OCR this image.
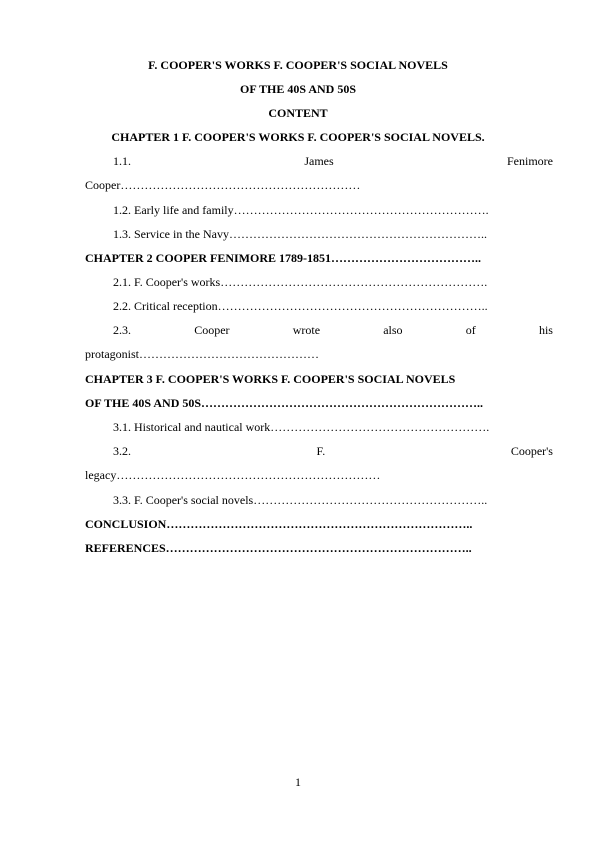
F. COOPER'S WORKS F. COOPER'S SOCIAL NOVELS
OF THE 40S AND 50S
CONTENT
CHAPTER 1 F. COOPER'S WORKS F. COOPER'S SOCIAL NOVELS.
1.1.	James	Fenimore
Cooper……………………………………………………
1.2. Early life and family……………………………………………………….
1.3. Service in the Navy………………………………………………………..
CHAPTER 2 COOPER FENIMORE 1789-1851………………………………..
2.1. F. Cooper's works………………………………………………………….
2.2. Critical reception…………………………………………………………..
2.3.	Cooper	wrote	also	of	his
protagonist………………………………………
CHAPTER 3 F. COOPER'S WORKS F. COOPER'S SOCIAL NOVELS
OF THE 40S AND 50S……………………………………………………………..
3.1. Historical and nautical work……………………………………………….
3.2.	F.	Cooper's
legacy…………………………………………………………
3.3. F. Cooper's social novels…………………………………………………..
CONCLUSION…………………………………………………………………..
REFERENCES…………………………………………………………………..
1
